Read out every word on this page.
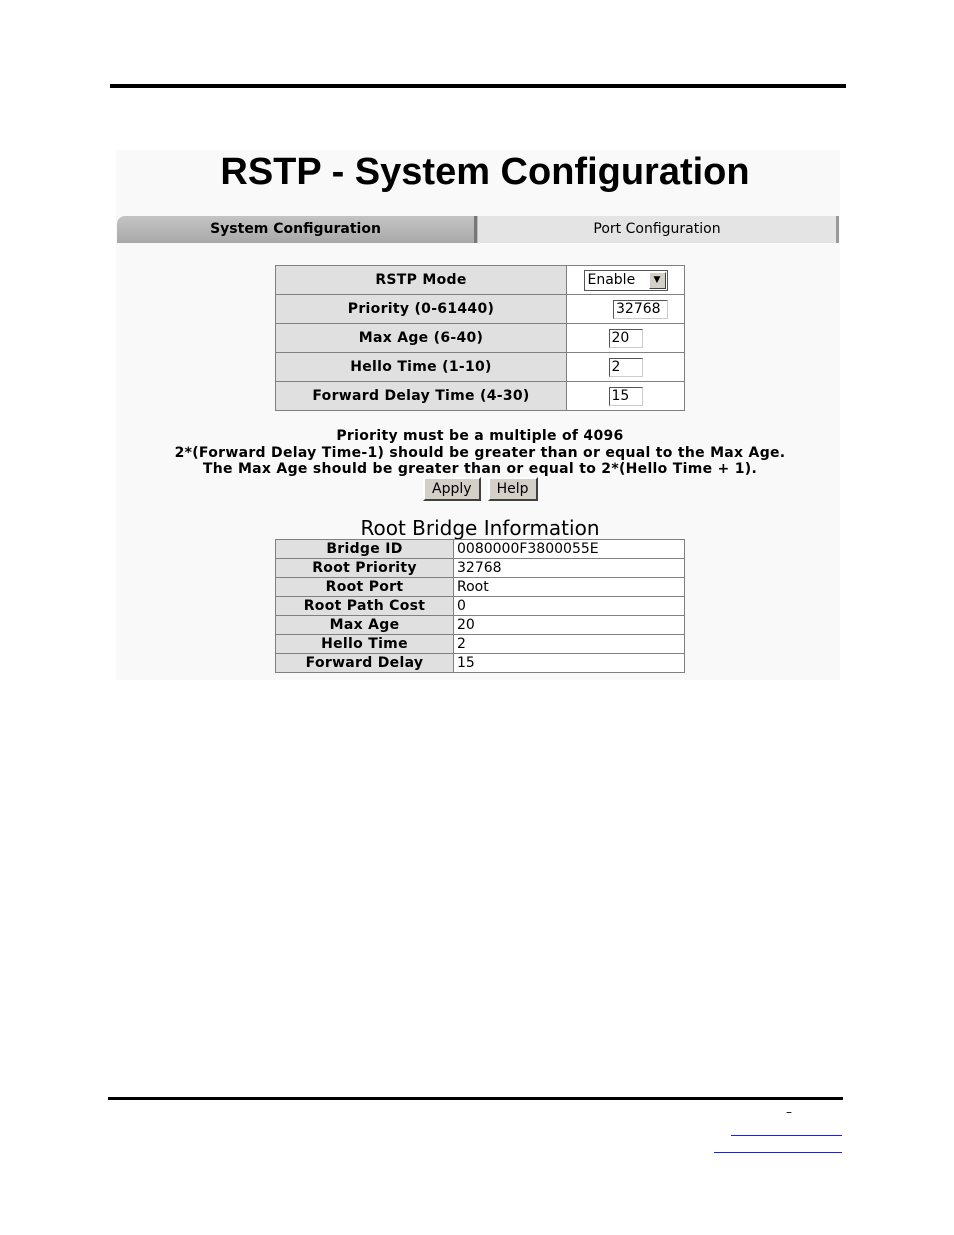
RSTP - System Configuration
System Configuration	Port Configuration
RSTP Mode	Enable ▼

Priority (0-61440)	32768
Max Age (6-40)	20
Hello Time (1-10)	2
Forward Delay Time (4-30)	15
Priority must be a multiple of 4096
2*(Forward Delay Time-1) should be greater than or equal to the Max Age.
The Max Age should be greater than or equal to 2*(Hello Time + 1).
Apply Help
Root Bridge Information
Bridge ID	0080000F3800055E
Root Priority	32768
Root Port	Root
Root Path Cost	0
Max Age	20
Hello Time	2
Forward Delay	15
–
